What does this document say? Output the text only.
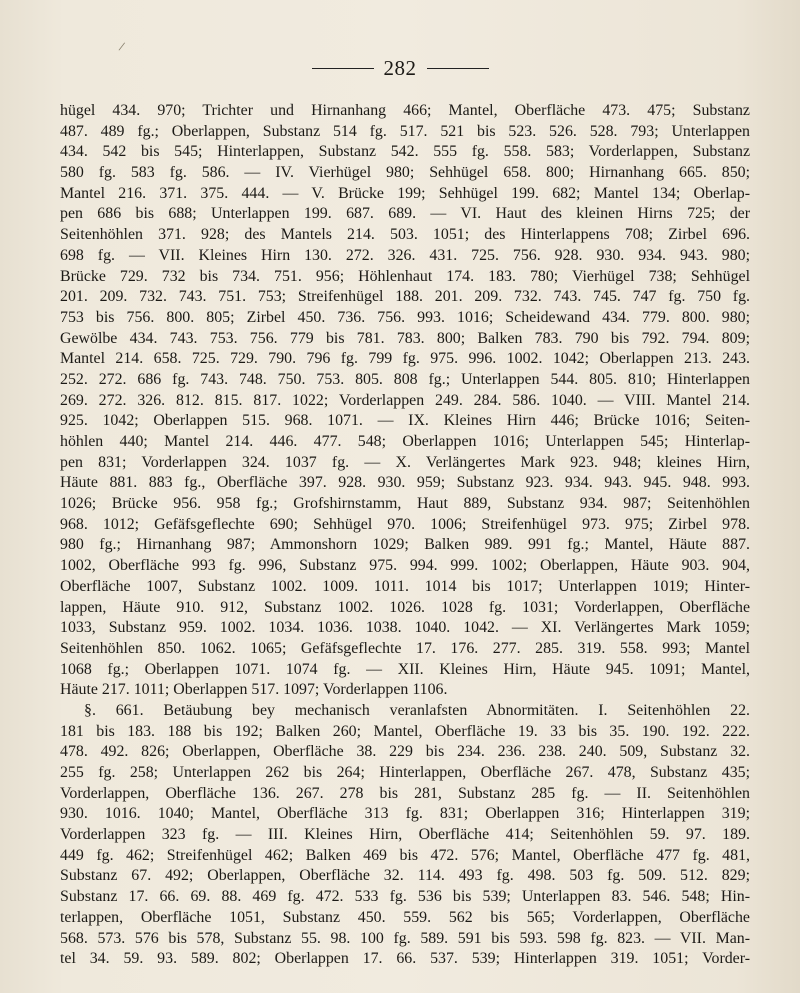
/
282
hügel 434. 970; Trichter und Hirnanhang 466; Mantel, Oberfläche 473. 475; Substanz
487. 489 fg.; Oberlappen, Substanz 514 fg. 517. 521 bis 523. 526. 528. 793; Unterlappen
434. 542 bis 545; Hinterlappen, Substanz 542. 555 fg. 558. 583; Vorderlappen, Substanz
580 fg. 583 fg. 586. — IV. Vierhügel 980; Sehhügel 658. 800; Hirnanhang 665. 850;
Mantel 216. 371. 375. 444. — V. Brücke 199; Sehhügel 199. 682; Mantel 134; Oberlap-
pen 686 bis 688; Unterlappen 199. 687. 689. — VI. Haut des kleinen Hirns 725; der
Seitenhöhlen 371. 928; des Mantels 214. 503. 1051; des Hinterlappens 708; Zirbel 696.
698 fg. — VII. Kleines Hirn 130. 272. 326. 431. 725. 756. 928. 930. 934. 943. 980;
Brücke 729. 732 bis 734. 751. 956; Höhlenhaut 174. 183. 780; Vierhügel 738; Sehhügel
201. 209. 732. 743. 751. 753; Streifenhügel 188. 201. 209. 732. 743. 745. 747 fg. 750 fg.
753 bis 756. 800. 805; Zirbel 450. 736. 756. 993. 1016; Scheidewand 434. 779. 800. 980;
Gewölbe 434. 743. 753. 756. 779 bis 781. 783. 800; Balken 783. 790 bis 792. 794. 809;
Mantel 214. 658. 725. 729. 790. 796 fg. 799 fg. 975. 996. 1002. 1042; Oberlappen 213. 243.
252. 272. 686 fg. 743. 748. 750. 753. 805. 808 fg.; Unterlappen 544. 805. 810; Hinterlappen
269. 272. 326. 812. 815. 817. 1022; Vorderlappen 249. 284. 586. 1040. — VIII. Mantel 214.
925. 1042; Oberlappen 515. 968. 1071. — IX. Kleines Hirn 446; Brücke 1016; Seiten-
höhlen 440; Mantel 214. 446. 477. 548; Oberlappen 1016; Unterlappen 545; Hinterlap-
pen 831; Vorderlappen 324. 1037 fg. — X. Verlängertes Mark 923. 948; kleines Hirn,
Häute 881. 883 fg., Oberfläche 397. 928. 930. 959; Substanz 923. 934. 943. 945. 948. 993.
1026; Brücke 956. 958 fg.; Grofshirnstamm, Haut 889, Substanz 934. 987; Seitenhöhlen
968. 1012; Gefäfsgeflechte 690; Sehhügel 970. 1006; Streifenhügel 973. 975; Zirbel 978.
980 fg.; Hirnanhang 987; Ammonshorn 1029; Balken 989. 991 fg.; Mantel, Häute 887.
1002, Oberfläche 993 fg. 996, Substanz 975. 994. 999. 1002; Oberlappen, Häute 903. 904,
Oberfläche 1007, Substanz 1002. 1009. 1011. 1014 bis 1017; Unterlappen 1019; Hinter-
lappen, Häute 910. 912, Substanz 1002. 1026. 1028 fg. 1031; Vorderlappen, Oberfläche
1033, Substanz 959. 1002. 1034. 1036. 1038. 1040. 1042. — XI. Verlängertes Mark 1059;
Seitenhöhlen 850. 1062. 1065; Gefäfsgeflechte 17. 176. 277. 285. 319. 558. 993; Mantel
1068 fg.; Oberlappen 1071. 1074 fg. — XII. Kleines Hirn, Häute 945. 1091; Mantel,
Häute 217. 1011; Oberlappen 517. 1097; Vorderlappen 1106.
§. 661. Betäubung bey mechanisch veranlafsten Abnormitäten. I. Seitenhöhlen 22.
181 bis 183. 188 bis 192; Balken 260; Mantel, Oberfläche 19. 33 bis 35. 190. 192. 222.
478. 492. 826; Oberlappen, Oberfläche 38. 229 bis 234. 236. 238. 240. 509, Substanz 32.
255 fg. 258; Unterlappen 262 bis 264; Hinterlappen, Oberfläche 267. 478, Substanz 435;
Vorderlappen, Oberfläche 136. 267. 278 bis 281, Substanz 285 fg. — II. Seitenhöhlen
930. 1016. 1040; Mantel, Oberfläche 313 fg. 831; Oberlappen 316; Hinterlappen 319;
Vorderlappen 323 fg. — III. Kleines Hirn, Oberfläche 414; Seitenhöhlen 59. 97. 189.
449 fg. 462; Streifenhügel 462; Balken 469 bis 472. 576; Mantel, Oberfläche 477 fg. 481,
Substanz 67. 492; Oberlappen, Oberfläche 32. 114. 493 fg. 498. 503 fg. 509. 512. 829;
Substanz 17. 66. 69. 88. 469 fg. 472. 533 fg. 536 bis 539; Unterlappen 83. 546. 548; Hin-
terlappen, Oberfläche 1051, Substanz 450. 559. 562 bis 565; Vorderlappen, Oberfläche
568. 573. 576 bis 578, Substanz 55. 98. 100 fg. 589. 591 bis 593. 598 fg. 823. — VII. Man-
tel 34. 59. 93. 589. 802; Oberlappen 17. 66. 537. 539; Hinterlappen 319. 1051; Vorder-
